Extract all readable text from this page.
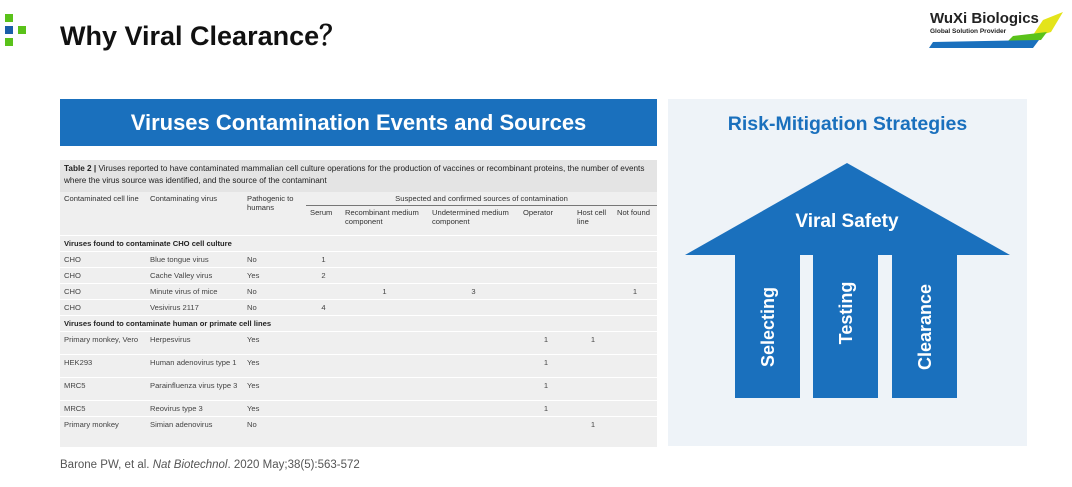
Why Viral Clearance？
WuXi Biologics
Global Solution Provider
Viruses Contamination Events and Sources
Table 2 | Viruses reported to have contaminated mammalian cell culture operations for the production of vaccines or recombinant proteins, the number of events where the virus source was identified, and the source of the contaminant
Contaminated cell line	Contaminating virus	Pathogenic to humans	Suspected and confirmed sources of contamination					
			Serum	Recombinant medium component	Undetermined medium component	Operator	Host cell line	Not found
Viruses found to contaminate CHO cell culture								
CHO	Blue tongue virus	No	1					
CHO	Cache Valley virus	Yes	2					
CHO	Minute virus of mice	No		1	3			1
CHO	Vesivirus 2117	No	4					
Viruses found to contaminate human or primate cell lines								
Primary monkey, Vero	Herpesvirus	Yes				1	1	
HEK293	Human adenovirus type 1	Yes				1		
MRC5	Parainfluenza virus type 3	Yes				1		
MRC5	Reovirus type 3	Yes				1		
Primary monkey	Simian adenovirus	No					1	
Barone PW, et al. Nat Biotechnol. 2020 May;38(5):563-572
Risk-Mitigation Strategies
Viral Safety
Selecting	Testing	Clearance
